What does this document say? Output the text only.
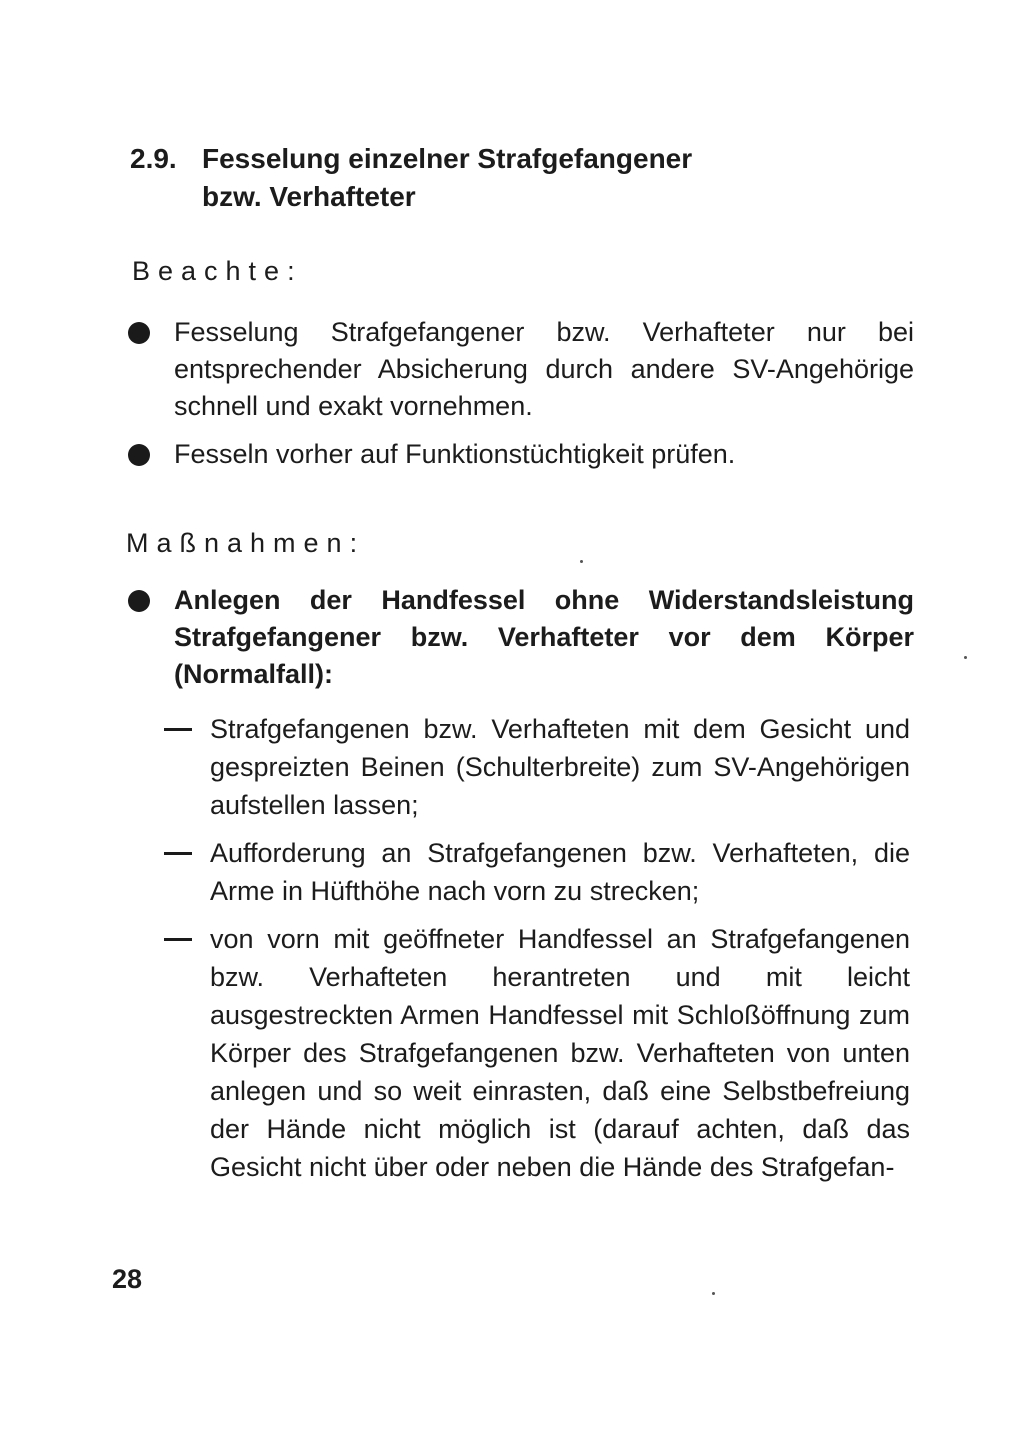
2.9. Fesselung einzelner Strafgefangener
bzw. Verhafteter
Beachte:
Fesselung Strafgefangener bzw. Verhafteter nur bei entsprechender Absicherung durch andere SV-Angehörige schnell und exakt vornehmen.
Fesseln vorher auf Funktionstüchtigkeit prüfen.
Maßnahmen:
Anlegen der Handfessel ohne Widerstandsleistung Strafgefangener bzw. Verhafteter vor dem Körper (Normalfall):
Strafgefangenen bzw. Verhafteten mit dem Gesicht und gespreizten Beinen (Schulterbreite) zum SV-Angehörigen aufstellen lassen;
Aufforderung an Strafgefangenen bzw. Verhafteten, die Arme in Hüfthöhe nach vorn zu strecken;
von vorn mit geöffneter Handfessel an Strafgefangenen bzw. Verhafteten herantreten und mit leicht ausgestreckten Armen Handfessel mit Schloßöffnung zum Körper des Strafgefangenen bzw. Verhafteten von unten anlegen und so weit einrasten, daß eine Selbstbefreiung der Hände nicht möglich ist (darauf achten, daß das Gesicht nicht über oder neben die Hände des Strafgefan-
28
